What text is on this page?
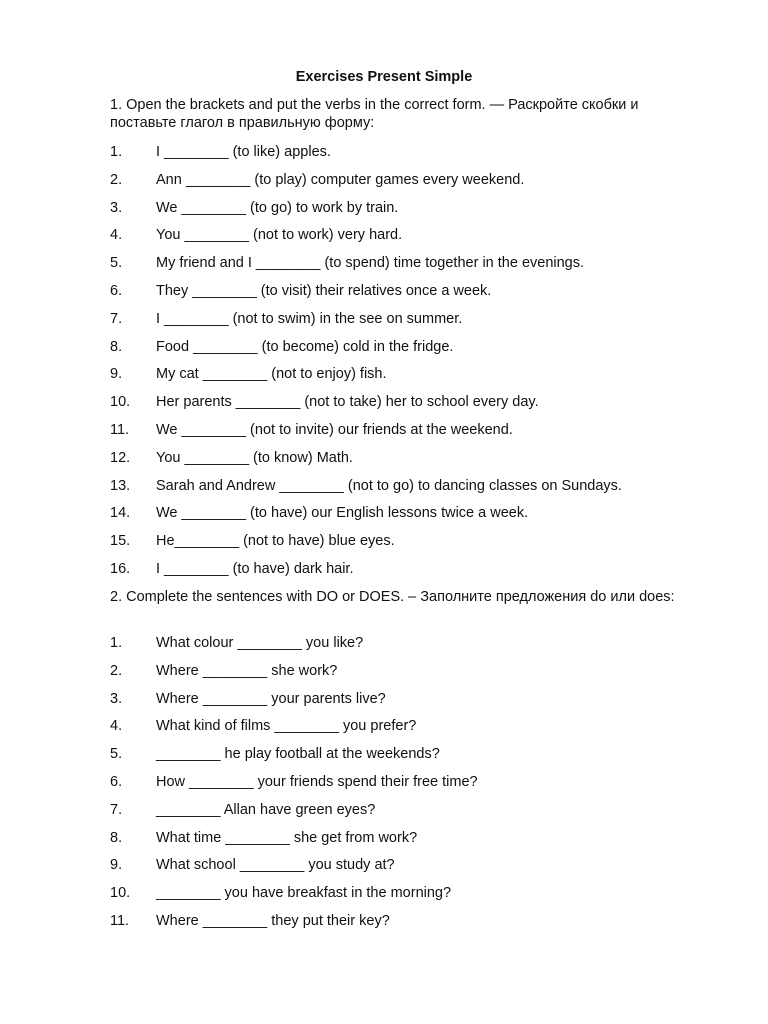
Exercises Present Simple
1. Open the brackets and put the verbs in the correct form. — Раскройте скобки и поставьте глагол в правильную форму:
1.	I ________ (to like) apples.
2.	Ann ________ (to play) computer games every weekend.
3.	We ________ (to go) to work by train.
4.	You ________ (not to work) very hard.
5.	My friend and I ________ (to spend) time together in the evenings.
6.	They ________ (to visit) their relatives once a week.
7.	I ________ (not to swim) in the see on summer.
8.	Food ________ (to become) cold in the fridge.
9.	My cat ________ (not to enjoy) fish.
10.	Her parents ________ (not to take) her to school every day.
11.	We ________ (not to invite) our friends at the weekend.
12.	You ________ (to know) Math.
13.	Sarah and Andrew ________ (not to go) to dancing classes on Sundays.
14.	We ________ (to have) our English lessons twice a week.
15.	He________ (not to have) blue eyes.
16.	I ________ (to have) dark hair.
2. Complete the sentences with DO or DOES. – Заполните предложения do или does:
1.	What colour ________ you like?
2.	Where ________ she work?
3.	Where ________ your parents live?
4.	What kind of films ________ you prefer?
5.	________ he play football at the weekends?
6.	How ________ your friends spend their free time?
7.	________ Allan have green eyes?
8.	What time ________ she get from work?
9.	What school ________ you study at?
10.	________ you have breakfast in the morning?
11.	Where ________ they put their key?
